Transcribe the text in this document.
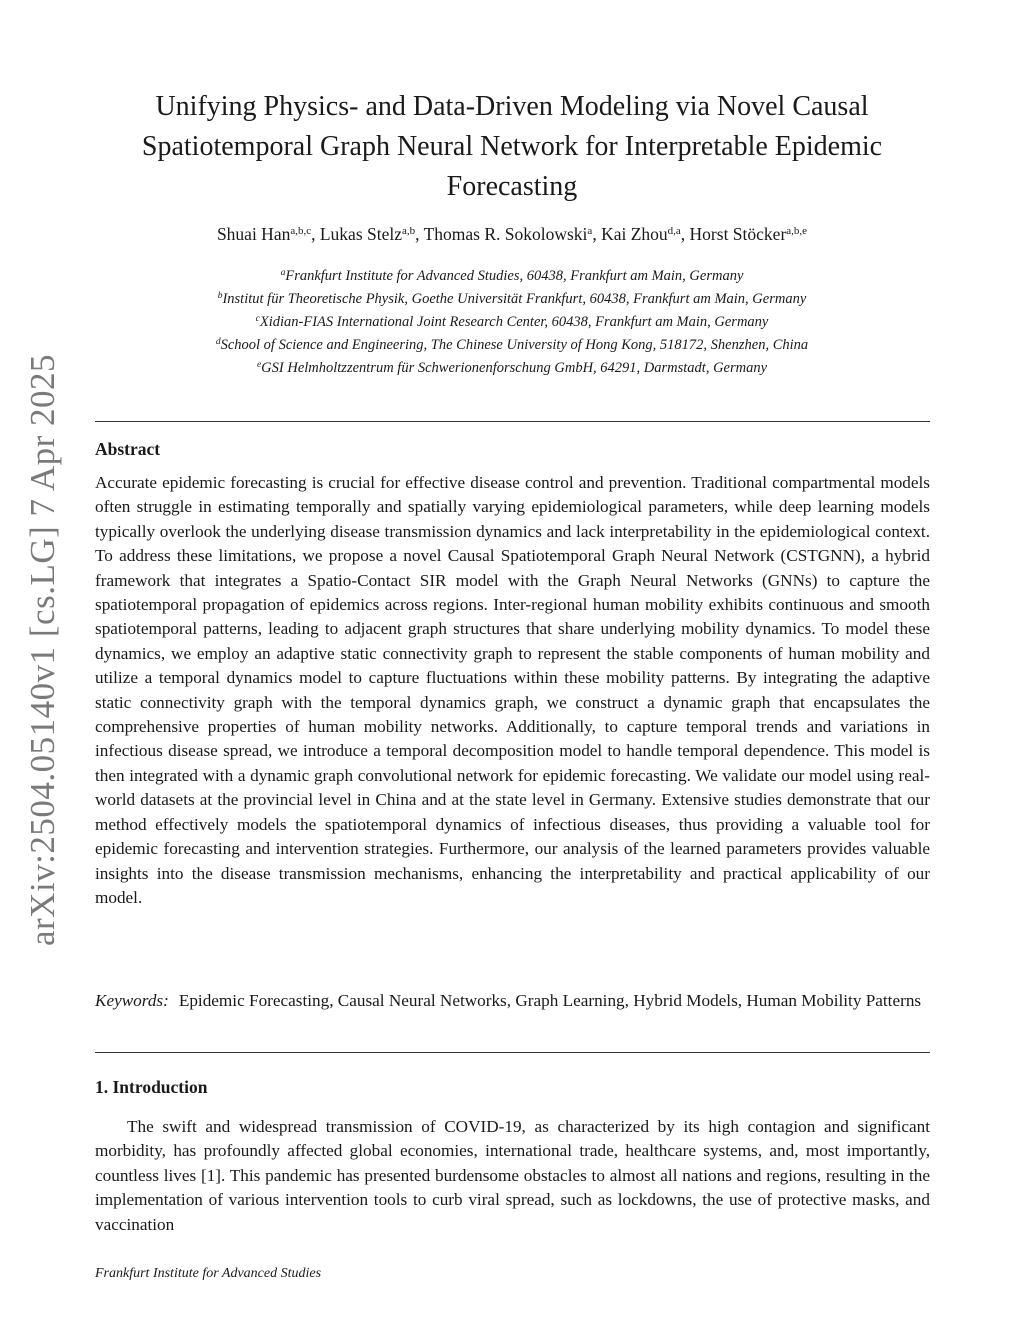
arXiv:2504.05140v1 [cs.LG] 7 Apr 2025
Unifying Physics- and Data-Driven Modeling via Novel Causal
Spatiotemporal Graph Neural Network for Interpretable Epidemic
Forecasting
Shuai Han$^{a,b,c}$, Lukas Stelz$^{a,b}$, Thomas R. Sokolowski$^a$, Kai Zhou$^{d,a}$, Horst Stöcker$^{a,b,e}$
$^a$Frankfurt Institute for Advanced Studies, 60438, Frankfurt am Main, Germany
$^b$Institut für Theoretische Physik, Goethe Universität Frankfurt, 60438, Frankfurt am Main, Germany
$^c$Xidian-FIAS International Joint Research Center, 60438, Frankfurt am Main, Germany
$^d$School of Science and Engineering, The Chinese University of Hong Kong, 518172, Shenzhen, China
$^e$GSI Helmholtzzentrum für Schwerionenforschung GmbH, 64291, Darmstadt, Germany
Abstract

Accurate epidemic forecasting is crucial for effective disease control and prevention. Traditional compartmental models often struggle in estimating temporally and spatially varying epidemiological parameters, while deep learning models typically overlook the underlying disease transmission dynamics and lack interpretability in the epidemiological context. To address these limitations, we propose a novel Causal Spatiotemporal Graph Neural Network (CSTGNN), a hybrid framework that integrates a Spatio-Contact SIR model with the Graph Neural Networks (GNNs) to capture the spatiotemporal propagation of epidemics across regions. Inter-regional human mobility exhibits continuous and smooth spatiotemporal patterns, leading to adjacent graph structures that share underlying mobility dynamics. To model these dynamics, we employ an adaptive static connectivity graph to represent the stable components of human mobility and utilize a temporal dynamics model to capture fluctuations within these mobility patterns. By integrating the adaptive static connectivity graph with the temporal dynamics graph, we construct a dynamic graph that encapsulates the comprehensive properties of human mobility networks. Additionally, to capture temporal trends and variations in infectious disease spread, we introduce a temporal decomposition model to handle temporal dependence. This model is then integrated with a dynamic graph convolutional network for epidemic forecasting. We validate our model using real-world datasets at the provincial level in China and at the state level in Germany. Extensive studies demonstrate that our method effectively models the spatiotemporal dynamics of infectious diseases, thus providing a valuable tool for epidemic forecasting and intervention strategies. Furthermore, our analysis of the learned parameters provides valuable insights into the disease transmission mechanisms, enhancing the interpretability and practical applicability of our model.

Keywords: Epidemic Forecasting, Causal Neural Networks, Graph Learning, Hybrid Models, Human Mobility Patterns

1. Introduction

The swift and widespread transmission of COVID-19, as characterized by its high contagion and significant morbidity, has profoundly affected global economies, international trade, healthcare systems, and, most importantly, countless lives [1]. This pandemic has presented burdensome obstacles to almost all nations and regions, resulting in the implementation of various intervention tools to curb viral spread, such as lockdowns, the use of protective masks, and vaccination

Frankfurt Institute for Advanced Studies
